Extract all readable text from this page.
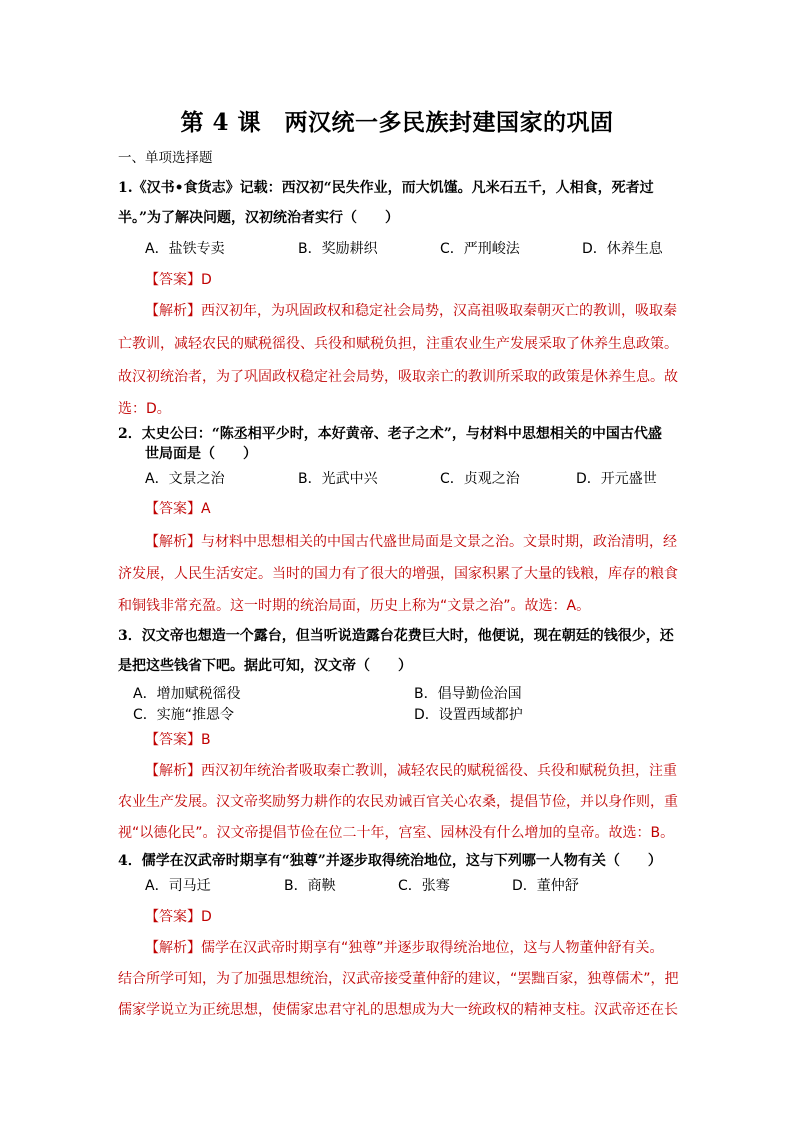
第 4 课　两汉统一多民族封建国家的巩固
一、单项选择题
1.《汉书•食货志》记载：西汉初“民失作业，而大饥馑。凡米石五千，人相食，死者过
半。”为了解决问题，汉初统治者实行（　　）
A．盐铁专卖	B．奖励耕织	C．严刑峻法	D．休养生息
【答案】D
【解析】西汉初年，为巩固政权和稳定社会局势，汉高祖吸取秦朝灭亡的教训，吸取秦
亡教训，减轻农民的赋税徭役、兵役和赋税负担，注重农业生产发展采取了休养生息政策。
故汉初统治者，为了巩固政权稳定社会局势，吸取亲亡的教训所采取的政策是休养生息。故
选：D。
2．太史公曰：“陈丞相平少时，本好黄帝、老子之术”，与材料中思想相关的中国古代盛
世局面是（　　）
A．文景之治	B．光武中兴	C．贞观之治	D．开元盛世
【答案】A
【解析】与材料中思想相关的中国古代盛世局面是文景之治。文景时期，政治清明，经
济发展，人民生活安定。当时的国力有了很大的增强，国家积累了大量的钱粮，库存的粮食
和铜钱非常充盈。这一时期的统治局面，历史上称为“文景之治”。故选：A。
3．汉文帝也想造一个露台，但当听说造露台花费巨大时，他便说，现在朝廷的钱很少，还
是把这些钱省下吧。据此可知，汉文帝（　　）
A．增加赋税徭役	B．倡导勤俭治国
C．实施“推恩令	D．设置西域都护
【答案】B
【解析】西汉初年统治者吸取秦亡教训，减轻农民的赋税徭役、兵役和赋税负担，注重
农业生产发展。汉文帝奖励努力耕作的农民劝诫百官关心农桑，提倡节俭，并以身作则，重
视“以德化民”。汉文帝提倡节俭在位二十年，宫室、园林没有什么增加的皇帝。故选：B。
4．儒学在汉武帝时期享有“独尊”并逐步取得统治地位，这与下列哪一人物有关（　　）
A．司马迁	B．商鞅	C．张骞	D．董仲舒
【答案】D
【解析】儒学在汉武帝时期享有“独尊”并逐步取得统治地位，这与人物董仲舒有关。
结合所学可知，为了加强思想统治，汉武帝接受董仲舒的建议，“罢黜百家，独尊儒术”，把
儒家学说立为正统思想，使儒家忠君守礼的思想成为大一统政权的精神支柱。汉武帝还在长
